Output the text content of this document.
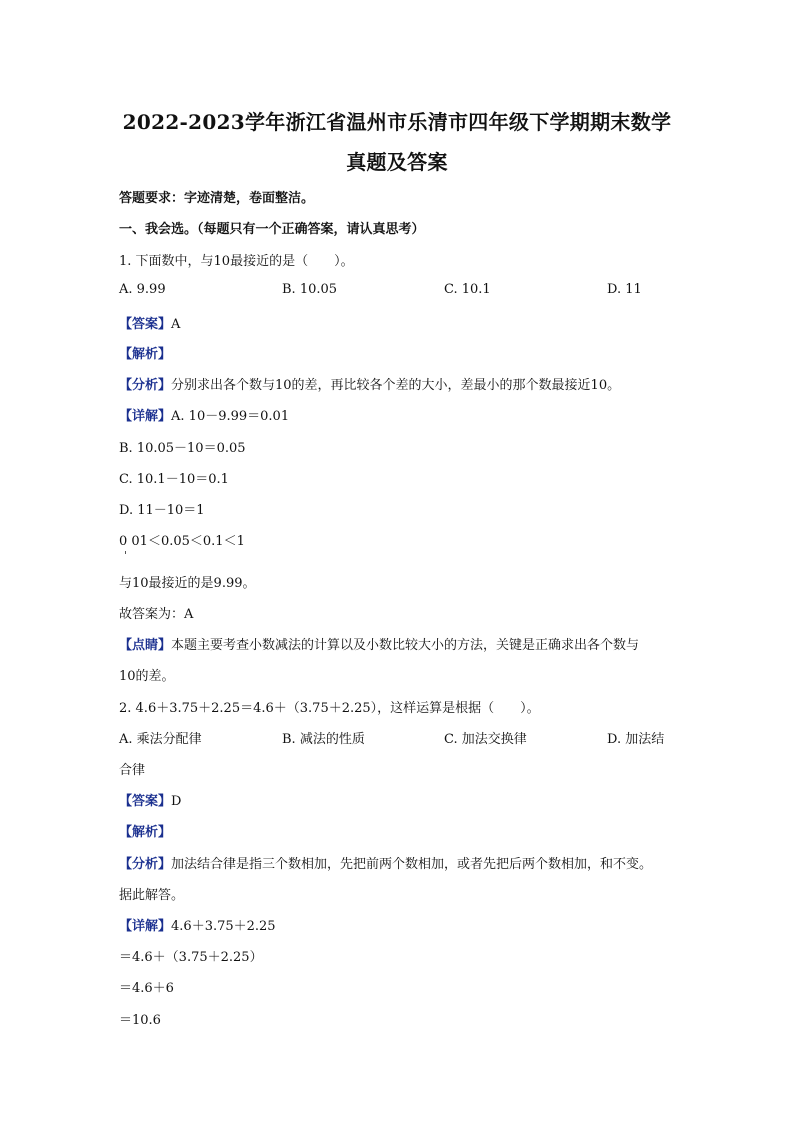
2022-2023学年浙江省温州市乐清市四年级下学期期末数学
真题及答案
答题要求：字迹清楚，卷面整洁。
一、我会选。（每题只有一个正确答案，请认真思考）
1. 下面数中，与10最接近的是（　　）。
A. 9.99	B. 10.05	C. 10.1	D. 11
【答案】A
【解析】
【分析】分别求出各个数与10的差，再比较各个差的大小，差最小的那个数最接近10。
【详解】A. 10－9.99＝0.01
B. 10.05－10＝0.05
C. 10.1－10＝0.1
D. 11－10＝1
0 01＜0.05＜0.1＜1
与10最接近的是9.99。
故答案为：A
【点睛】本题主要考查小数减法的计算以及小数比较大小的方法，关键是正确求出各个数与
10的差。
2. 4.6＋3.75＋2.25＝4.6＋（3.75＋2.25），这样运算是根据（　　）。
A. 乘法分配律	B. 减法的性质	C. 加法交换律	D. 加法结
合律
【答案】D
【解析】
【分析】加法结合律是指三个数相加，先把前两个数相加，或者先把后两个数相加，和不变。
据此解答。
【详解】4.6＋3.75＋2.25
＝4.6＋（3.75＋2.25）
＝4.6＋6
＝10.6
